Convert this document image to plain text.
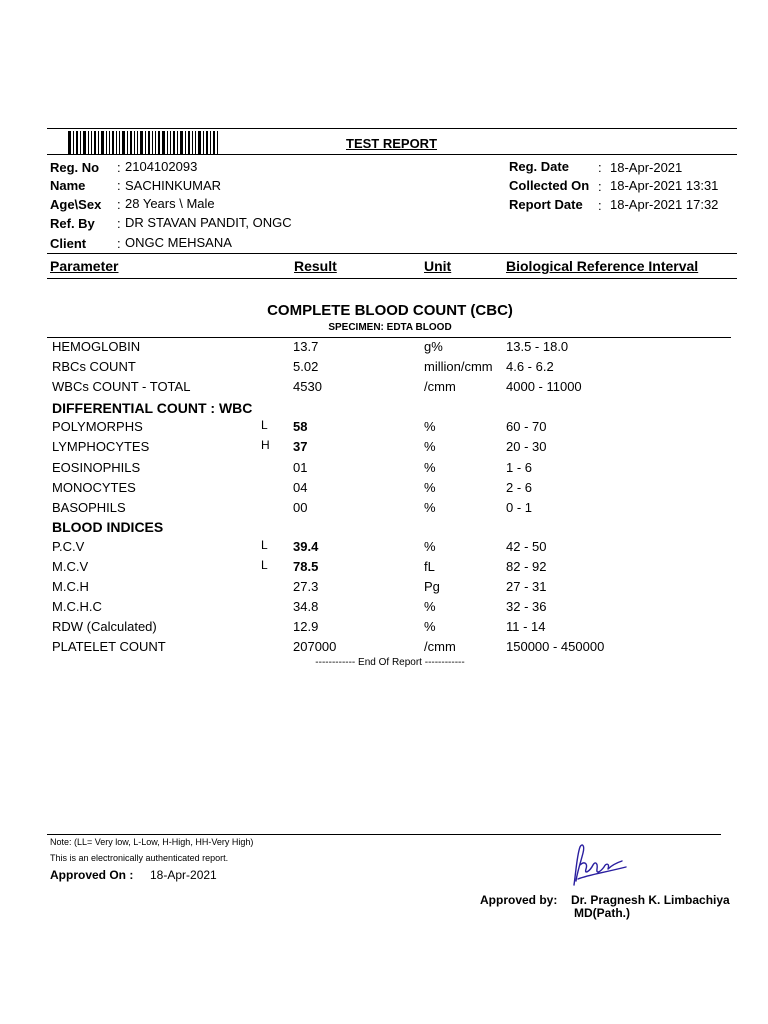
TEST REPORT
Reg. No : 2104102093
Name : SACHINKUMAR
Age\Sex : 28 Years \ Male
Ref. By : DR STAVAN PANDIT, ONGC
Client : ONGC MEHSANA
Reg. Date : 18-Apr-2021
Collected On : 18-Apr-2021 13:31
Report Date : 18-Apr-2021 17:32
Parameter	Result	Unit	Biological Reference Interval
COMPLETE BLOOD COUNT (CBC)
SPECIMEN: EDTA BLOOD
HEMOGLOBIN	13.7	g%	13.5 - 18.0
RBCs COUNT	5.02	million/cmm 4.6 - 6.2
WBCs COUNT - TOTAL	4530	/cmm	4000 - 11000
DIFFERENTIAL COUNT : WBC
POLYMORPHS	L 58	%	60 - 70
LYMPHOCYTES	H 37	%	20 - 30
EOSINOPHILS	01	%	1 - 6
MONOCYTES	04	%	2 - 6
BASOPHILS	00	%	0 - 1
BLOOD INDICES
P.C.V	L 39.4	%	42 - 50
M.C.V	L 78.5	fL	82 - 92
M.C.H	27.3	Pg	27 - 31
M.C.H.C	34.8	%	32 - 36
RDW (Calculated)	12.9	%	11 - 14
PLATELET COUNT	207000	/cmm	150000 - 450000
------------ End Of Report ------------
Note: (LL= Very low, L-Low, H-High, HH-Very High)
This is an electronically authenticated report.
Approved On : 18-Apr-2021
Approved by: Dr. Pragnesh K. Limbachiya
MD(Path.)
